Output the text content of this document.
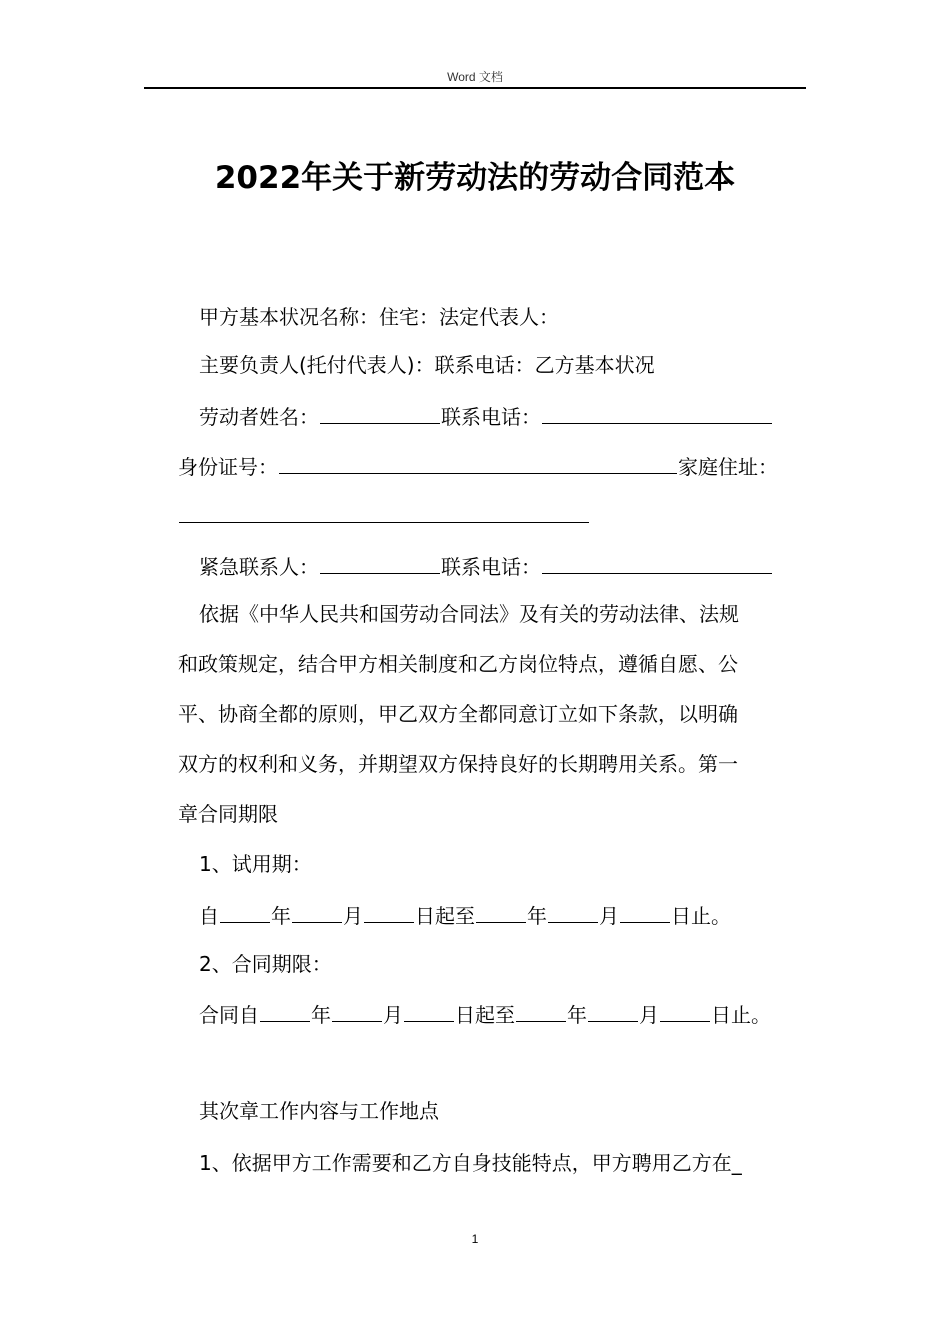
Word 文档
2022年关于新劳动法的劳动合同范本
甲方基本状况名称：住宅：法定代表人：
主要负责人(托付代表人)：联系电话：乙方基本状况
劳动者姓名：	联系电话：
身份证号：	家庭住址：
紧急联系人：	联系电话：
依据《中华人民共和国劳动合同法》及有关的劳动法律、法规
和政策规定，结合甲方相关制度和乙方岗位特点，遵循自愿、公
平、协商全都的原则，甲乙双方全都同意订立如下条款，以明确
双方的权利和义务，并期望双方保持良好的长期聘用关系。第一
章合同期限
1、试用期：
自	年	月	日起至	年	月	日止。
2、合同期限：
合同自	年	月	日起至	年	月	日止。
其次章工作内容与工作地点
1、依据甲方工作需要和乙方自身技能特点，甲方聘用乙方在_
1
